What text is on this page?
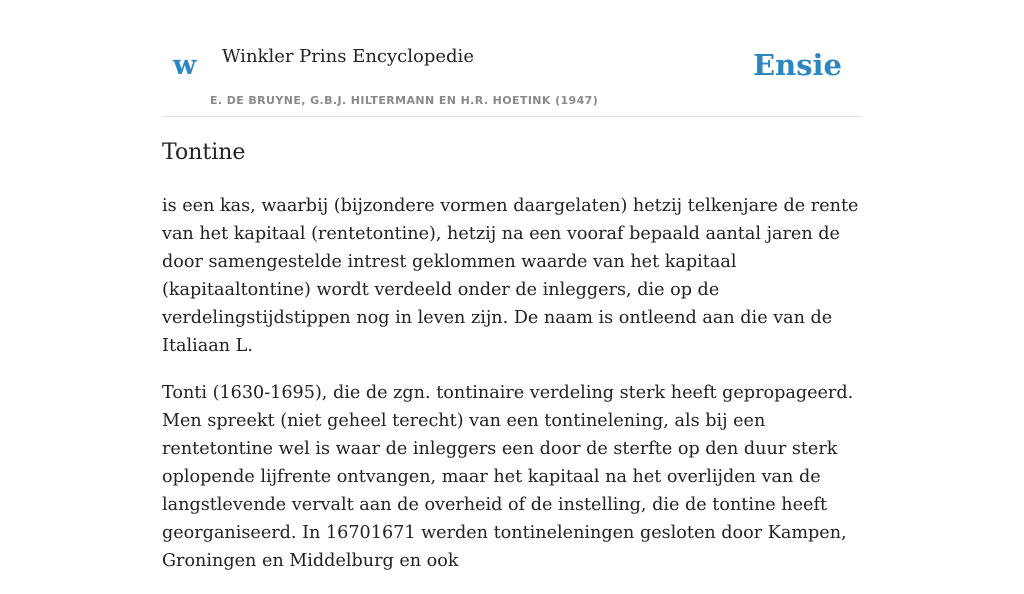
w Winkler Prins Encyclopedie
E. DE BRUYNE, G.B.J. HILTERMANN EN H.R. HOETINK (1947)
Ensie
Tontine

is een kas, waarbij (bijzondere vormen daargelaten) hetzij telkenjare de rente van het kapitaal (rentetontine), hetzij na een vooraf bepaald aantal jaren de door samengestelde intrest geklommen waarde van het kapitaal (kapitaaltontine) wordt verdeeld onder de inleggers, die op de verdelingstijdstippen nog in leven zijn. De naam is ontleend aan die van de Italiaan L.

Tonti (1630-1695), die de zgn. tontinaire verdeling sterk heeft gepropageerd. Men spreekt (niet geheel terecht) van een tontinelening, als bij een rentetontine wel is waar de inleggers een door de sterfte op den duur sterk oplopende lijfrente ontvangen, maar het kapitaal na het overlijden van de langstlevende vervalt aan de overheid of de instelling, die de tontine heeft georganiseerd. In 16701671 werden tontineleningen gesloten door Kampen, Groningen en Middelburg en ook
